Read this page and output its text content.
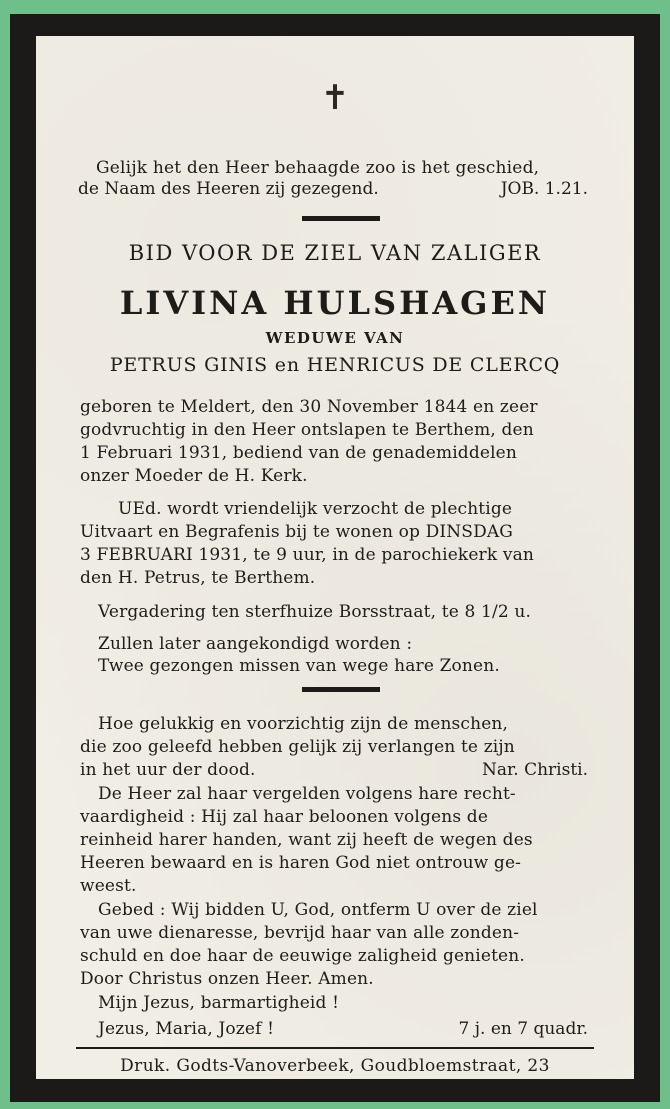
✝
Gelijk het den Heer behaagde zoo is het geschied,
de Naam des Heeren zij gezegend.	JOB. 1.21.
BID VOOR DE ZIEL VAN ZALIGER
LIVINA HULSHAGEN
WEDUWE VAN
PETRUS GINIS en HENRICUS DE CLERCQ
geboren te Meldert, den 30 November 1844 en zeer
godvruchtig in den Heer ontslapen te Berthem, den
1 Februari 1931, bediend van de genademiddelen
onzer Moeder de H. Kerk.
UEd. wordt vriendelijk verzocht de plechtige
Uitvaart en Begrafenis bij te wonen op DINSDAG
3 FEBRUARI 1931, te 9 uur, in de parochiekerk van
den H. Petrus, te Berthem.
Vergadering ten sterfhuize Borsstraat, te 8 1/2 u.
Zullen later aangekondigd worden :
Twee gezongen missen van wege hare Zonen.
Hoe gelukkig en voorzichtig zijn de menschen,
die zoo geleefd hebben gelijk zij verlangen te zijn
in het uur der dood.	Nar. Christi.
De Heer zal haar vergelden volgens hare recht-
vaardigheid : Hij zal haar beloonen volgens de
reinheid harer handen, want zij heeft de wegen des
Heeren bewaard en is haren God niet ontrouw ge-
weest.
Gebed : Wij bidden U, God, ontferm U over de ziel
van uwe dienaresse, bevrijd haar van alle zonden-
schuld en doe haar de eeuwige zaligheid genieten.
Door Christus onzen Heer. Amen.
Mijn Jezus, barmartigheid !
Jezus, Maria, Jozef !	7 j. en 7 quadr.
Druk. Godts-Vanoverbeek, Goudbloemstraat, 23
